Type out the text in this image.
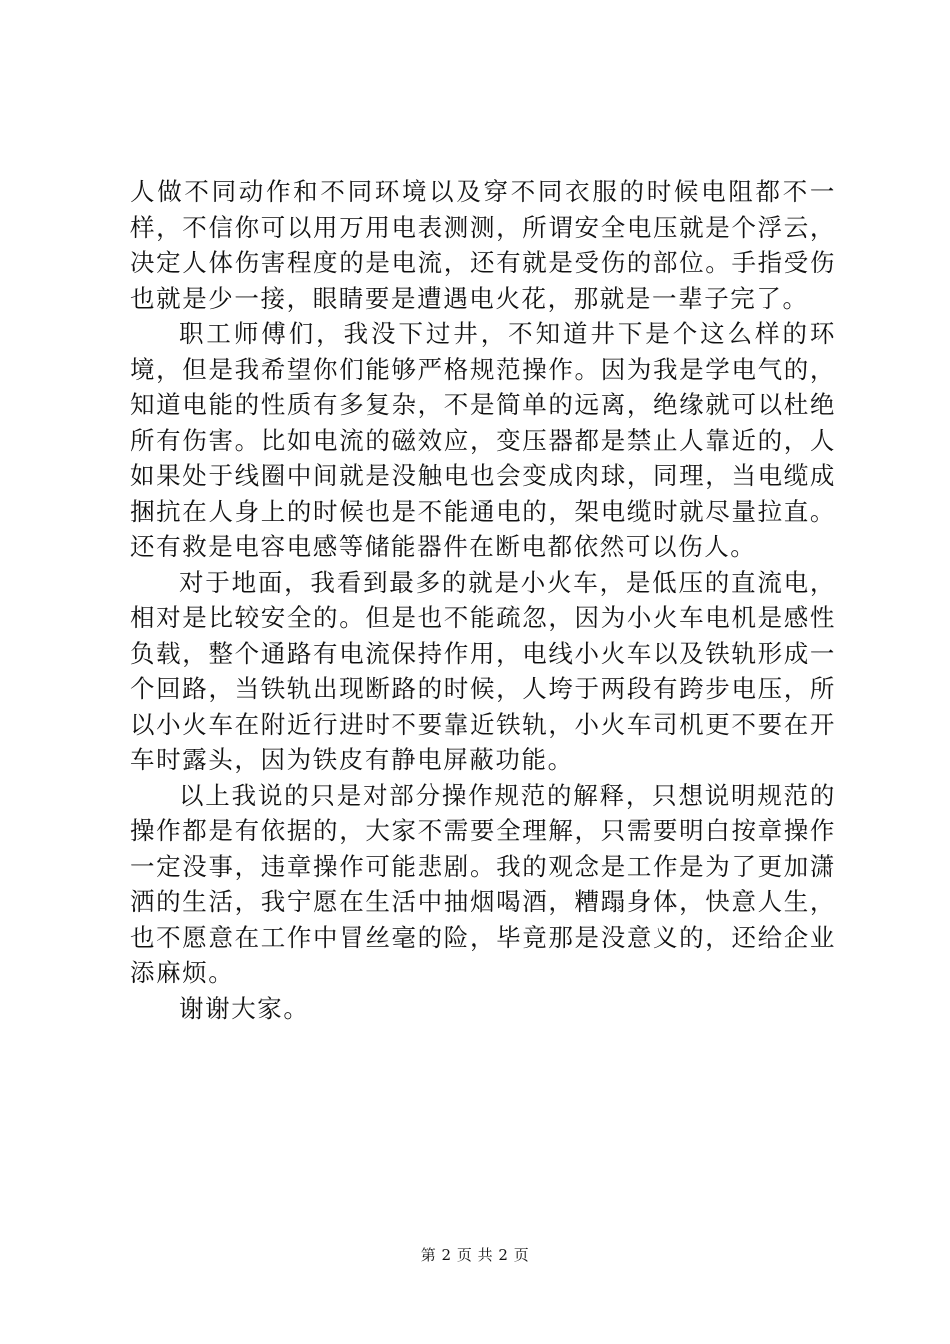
人做不同动作和不同环境以及穿不同衣服的时候电阻都不一样，不信你可以用万用电表测测，所谓安全电压就是个浮云，决定人体伤害程度的是电流，还有就是受伤的部位。手指受伤也就是少一接，眼睛要是遭遇电火花，那就是一辈子完了。

职工师傅们，我没下过井，不知道井下是个这么样的环境，但是我希望你们能够严格规范操作。因为我是学电气的，知道电能的性质有多复杂，不是简单的远离，绝缘就可以杜绝所有伤害。比如电流的磁效应，变压器都是禁止人靠近的，人如果处于线圈中间就是没触电也会变成肉球，同理，当电缆成捆抗在人身上的时候也是不能通电的，架电缆时就尽量拉直。还有救是电容电感等储能器件在断电都依然可以伤人。

对于地面，我看到最多的就是小火车，是低压的直流电，相对是比较安全的。但是也不能疏忽，因为小火车电机是感性负载，整个通路有电流保持作用，电线小火车以及铁轨形成一个回路，当铁轨出现断路的时候，人垮于两段有跨步电压，所以小火车在附近行进时不要靠近铁轨，小火车司机更不要在开车时露头，因为铁皮有静电屏蔽功能。

以上我说的只是对部分操作规范的解释，只想说明规范的操作都是有依据的，大家不需要全理解，只需要明白按章操作一定没事，违章操作可能悲剧。我的观念是工作是为了更加潇洒的生活，我宁愿在生活中抽烟喝酒，糟蹋身体，快意人生，也不愿意在工作中冒丝毫的险，毕竟那是没意义的，还给企业添麻烦。

谢谢大家。

第 2 页 共 2 页
